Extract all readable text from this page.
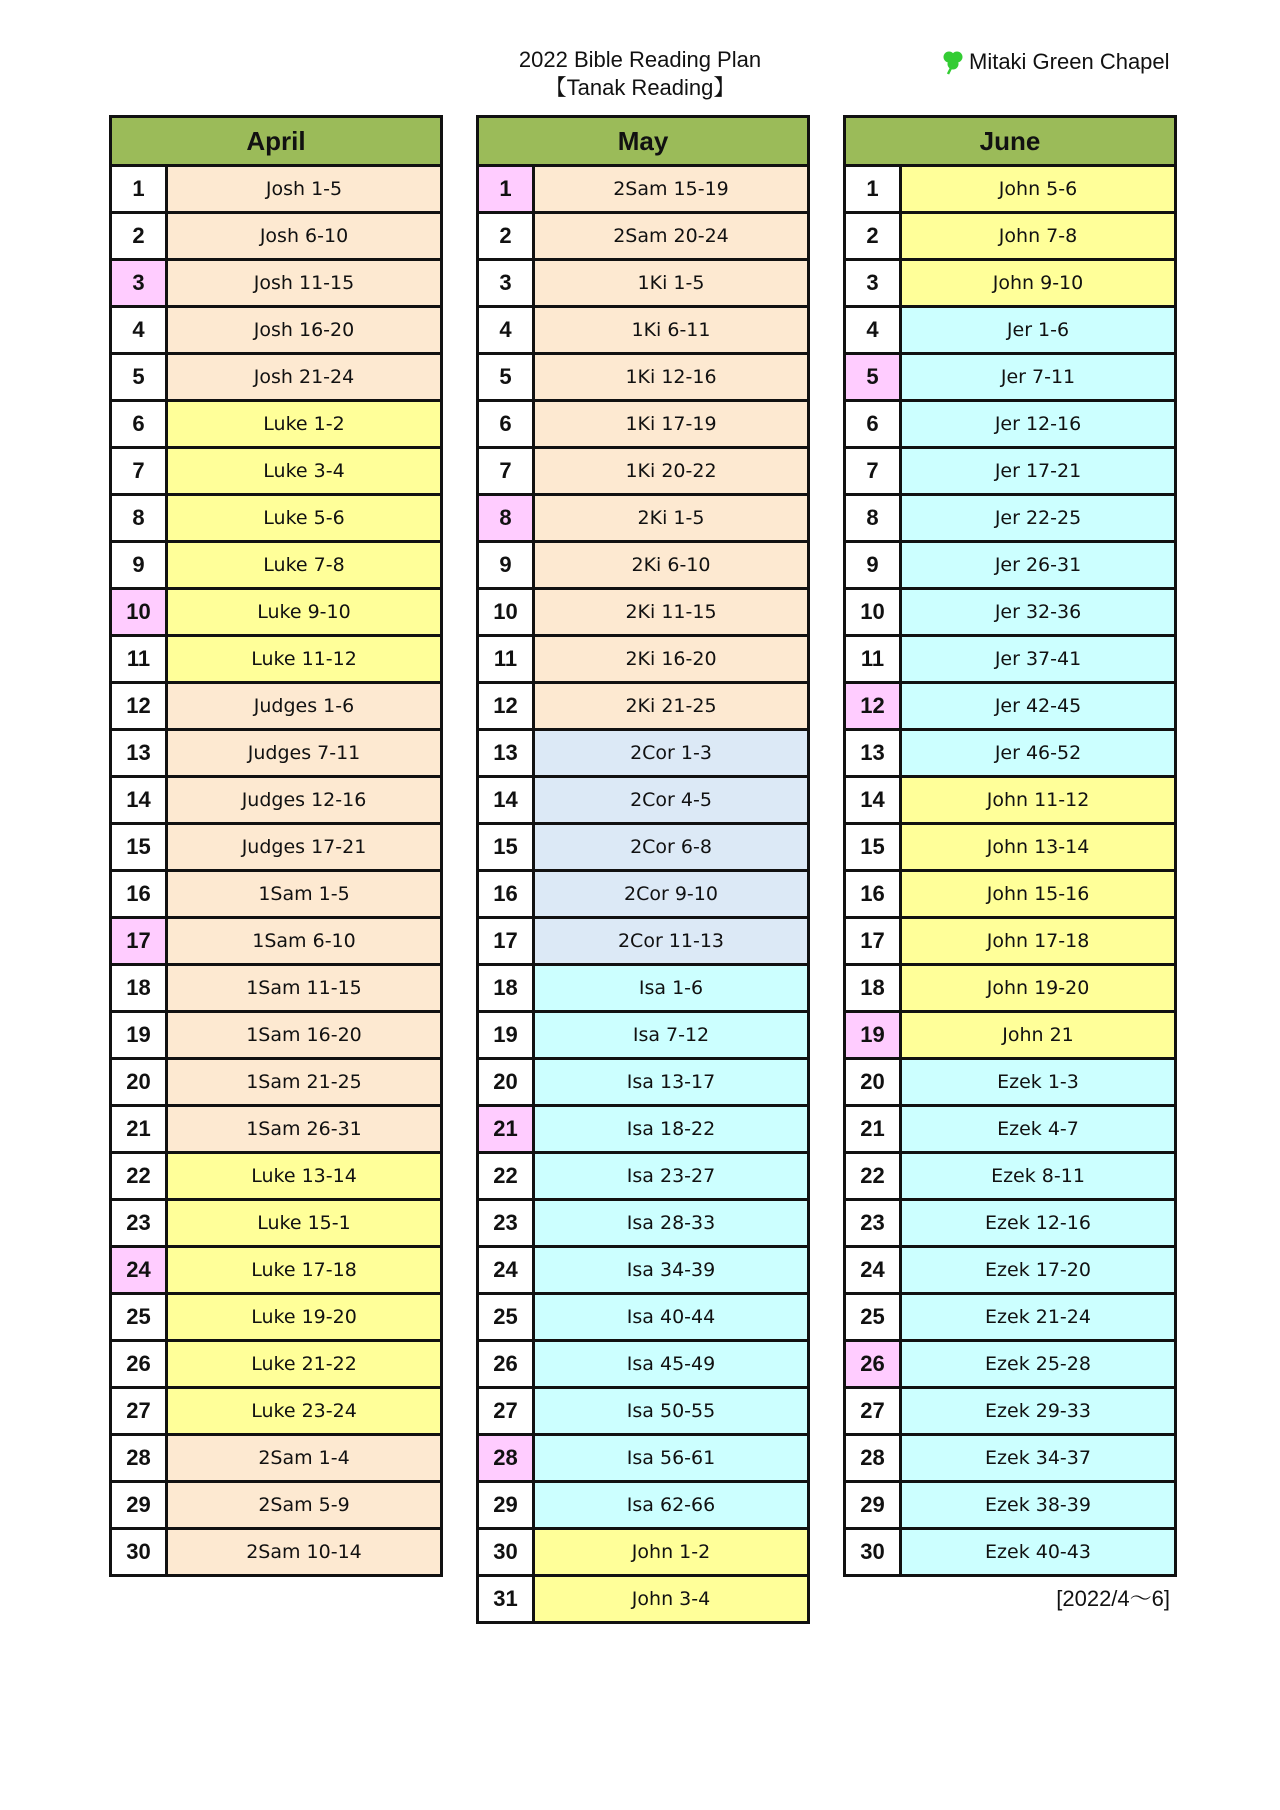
2022 Bible Reading Plan
【Tanak Reading】
Mitaki Green Chapel
April
1	Josh 1-5
2	Josh 6-10
3	Josh 11-15
4	Josh 16-20
5	Josh 21-24
6	Luke 1-2
7	Luke 3-4
8	Luke 5-6
9	Luke 7-8
10	Luke 9-10
11	Luke 11-12
12	Judges 1-6
13	Judges 7-11
14	Judges 12-16
15	Judges 17-21
16	1Sam 1-5
17	1Sam 6-10
18	1Sam 11-15
19	1Sam 16-20
20	1Sam 21-25
21	1Sam 26-31
22	Luke 13-14
23	Luke 15-1
24	Luke 17-18
25	Luke 19-20
26	Luke 21-22
27	Luke 23-24
28	2Sam 1-4
29	2Sam 5-9
30	2Sam 10-14
May
1	2Sam 15-19
2	2Sam 20-24
3	1Ki 1-5
4	1Ki 6-11
5	1Ki 12-16
6	1Ki 17-19
7	1Ki 20-22
8	2Ki 1-5
9	2Ki 6-10
10	2Ki 11-15
11	2Ki 16-20
12	2Ki 21-25
13	2Cor 1-3
14	2Cor 4-5
15	2Cor 6-8
16	2Cor 9-10
17	2Cor 11-13
18	Isa 1-6
19	Isa 7-12
20	Isa 13-17
21	Isa 18-22
22	Isa 23-27
23	Isa 28-33
24	Isa 34-39
25	Isa 40-44
26	Isa 45-49
27	Isa 50-55
28	Isa 56-61
29	Isa 62-66
30	John 1-2
31	John 3-4
June
1	John 5-6
2	John 7-8
3	John 9-10
4	Jer 1-6
5	Jer 7-11
6	Jer 12-16
7	Jer 17-21
8	Jer 22-25
9	Jer 26-31
10	Jer 32-36
11	Jer 37-41
12	Jer 42-45
13	Jer 46-52
14	John 11-12
15	John 13-14
16	John 15-16
17	John 17-18
18	John 19-20
19	John 21
20	Ezek 1-3
21	Ezek 4-7
22	Ezek 8-11
23	Ezek 12-16
24	Ezek 17-20
25	Ezek 21-24
26	Ezek 25-28
27	Ezek 29-33
28	Ezek 34-37
29	Ezek 38-39
30	Ezek 40-43
[2022/4～6]
